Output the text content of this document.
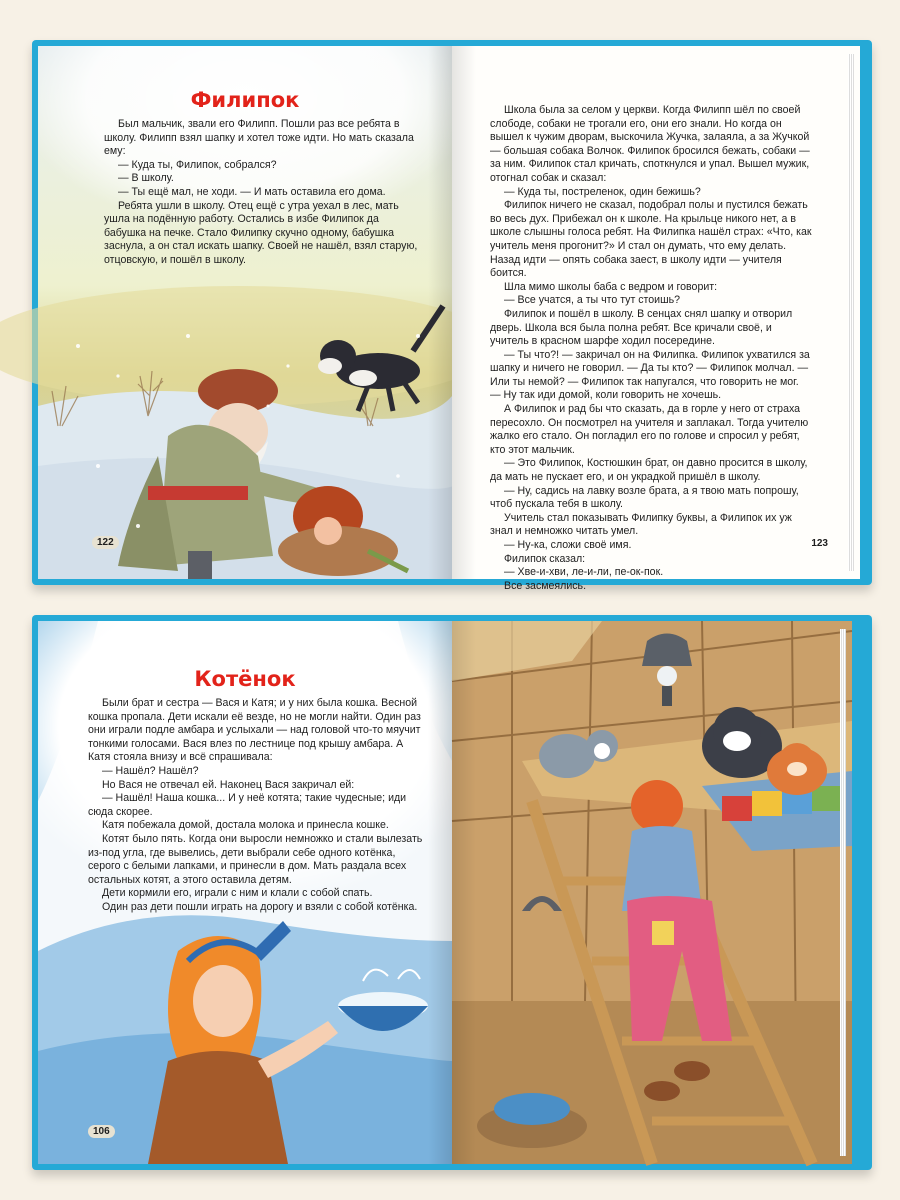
Филипок

Был мальчик, звали его Филипп. Пошли раз все ребята в школу. Филипп взял шапку и хотел тоже идти. Но мать сказала ему:

— Куда ты, Филипок, собрался?

— В школу.

— Ты ещё мал, не ходи. — И мать оставила его дома.

Ребята ушли в школу. Отец ещё с утра уехал в лес, мать ушла на подённую работу. Остались в избе Филипок да бабушка на печке. Стало Филипку скучно одному, бабушка заснула, а он стал искать шапку. Своей не нашёл, взял старую, отцовскую, и пошёл в школу.

122

Школа была за селом у церкви. Когда Филипп шёл по своей слободе, собаки не трогали его, они его знали. Но когда он вышел к чужим дворам, выскочила Жучка, залаяла, а за Жучкой — большая собака Волчок. Филипок бросился бежать, собаки — за ним. Филипок стал кричать, споткнулся и упал. Вышел мужик, отогнал собак и сказал:

— Куда ты, постреленок, один бежишь?

Филипок ничего не сказал, подобрал полы и пустился бежать во весь дух. Прибежал он к школе. На крыльце никого нет, а в школе слышны голоса ребят. На Филипка нашёл страх: «Что, как учитель меня прогонит?» И стал он думать, что ему делать. Назад идти — опять собака заест, в школу идти — учителя боится.

Шла мимо школы баба с ведром и говорит:

— Все учатся, а ты что тут стоишь?

Филипок и пошёл в школу. В сенцах снял шапку и отворил дверь. Школа вся была полна ребят. Все кричали своё, и учитель в красном шарфе ходил посередине.

— Ты что?! — закричал он на Филипка. Филипок ухватился за шапку и ничего не говорил. — Да ты кто? — Филипок молчал. — Или ты немой? — Филипок так напугался, что говорить не мог. — Ну так иди домой, коли говорить не хочешь.

А Филипок и рад бы что сказать, да в горле у него от страха пересохло. Он посмотрел на учителя и заплакал. Тогда учителю жалко его стало. Он погладил его по голове и спросил у ребят, кто этот мальчик.

— Это Филипок, Костюшкин брат, он давно просится в школу, да мать не пускает его, и он украдкой пришёл в школу.

— Ну, садись на лавку возле брата, а я твою мать попрошу, чтоб пускала тебя в школу.

Учитель стал показывать Филипку буквы, а Филипок их уж знал и немножко читать умел.

— Ну-ка, сложи своё имя.

Филипок сказал:

— Хве-и-хви, ле-и-ли, пе-ок-пок.

Все засмеялись.

123
Котёнок

Были брат и сестра — Вася и Катя; и у них была кошка. Весной кошка пропала. Дети искали её везде, но не могли найти. Один раз они играли подле амбара и услыхали — над головой что-то мяучит тонкими голосами. Вася влез по лестнице под крышу амбара. А Катя стояла внизу и всё спрашивала:

— Нашёл? Нашёл?

Но Вася не отвечал ей. Наконец Вася закричал ей:

— Нашёл! Наша кошка... И у неё котята; такие чудесные; иди сюда скорее.

Катя побежала домой, достала молока и принесла кошке.

Котят было пять. Когда они выросли немножко и стали вылезать из-под угла, где вывелись, дети выбрали себе одного котёнка, серого с белыми лапками, и принесли в дом. Мать раздала всех остальных котят, а этого оставила детям.

Дети кормили его, играли с ним и клали с собой спать.

Один раз дети пошли играть на дорогу и взяли с собой котёнка.

106
